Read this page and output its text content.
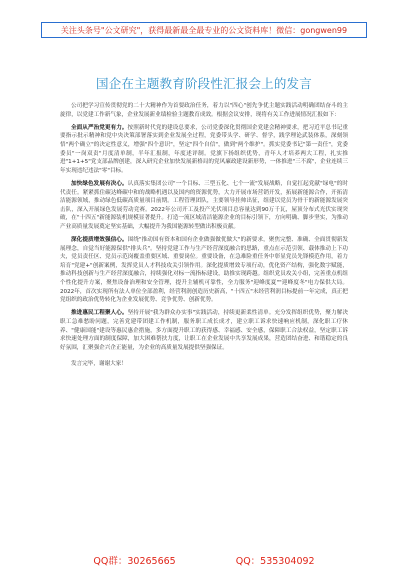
关注头条号"公文研究"，获得最新最全最专业的公文资料库！微信：gongwen99
国企在主题教育阶段性汇报会上的发言

公司把学习宣传贯彻党的二十大精神作为首要政治任务，着力以"四心"创先争优主题实践活动明确团结奋斗的主旋律，以党建工作新气象，企业发展新业绩检验主题教育成效。根据会议安排，现将有关工作进展情况汇报如下：

全面从严治党更有力。按照新时代党的建设总要求，公司党委深化贯彻国企党建会精神要求，把习近平总书记重要指示批示精神和党中央决策部署落实到企业发展全过程，党委带头学、研学、督学，践学理论武装体系，深刻领悟"两个确立"的决定性意义，增强"四个意识"，坚定"四个自信"，做到"两个维护"。抓实党委书记"第一责任"，党委委员"一岗双责"月度清单制，半年汇报制，年度述评制。党旗下扬组织优势，青年人才培养两大工程，扎实推进"1+1+5"党支部品牌创建，深入研究企业加快发展新格局的党风廉政建设新形势，一体推进"三不腐"，企业连续三年实现违纪违法"零"目标。

加快绿色发展有决心。认真落实集团公司"一个目标、三型五化、七个一流"发展战略，自觉扛起党献"绿电"的时代责任。紧紧抓住碳达峰碳中和的战略机遇以及国内的资源优势，大力开展市场营销开发，拓展新能源合作，开拓清洁能源领域，推动绿色低碳高质量项目前期。工程管理团队，主要领导挂帅出征，组建以党员为骨干的新能源发展突击队，深入开展绿色发展劳动竞赛。2022年公司开工及投产光伏项目总容量达到90万千瓦，屋顶分布式光伏实现突破，在"十四五"新能源装机规模显著提升。打造一流区域清洁能源企业的目标引领下，方向明确、脚步坚实，为推动产业高质量发展奠定坚实基础，大幅提升为我国能源转型做出积极贡献。

深化提质增效强信心。围绕"推动国有资本和国有企业做强做优做大"的新要求，聚焦完整、准确、全面贯彻新发展理念，自觉当好能源保供"排头兵"。坚持党建工作与生产经营深度融合的思路，重点在示范引领、载体推动上下功夫，党员责任区、党员示范岗覆盖重要区域、重要岗位。重要设备，在急难险重任务中彰显党员先锋模范作用，着力培育"党建+"创新案例，发挥党员人才科技攻关引领作用。深化提质增效专项行动，优化资产结构，强化数字赋能，推动科技创新与生产经营深度融合，持续强化对标一流指标建设，助推实现跨越。组织党员攻关小组，完善重点机组个性化提升方案，聚焦设备治理和安全管理，提升主辅机可靠性，全力服务"迎峰度夏""迎峰度冬"电力保供大局。2022年，首次实现所有法人单位全部盈利，经营利润创造历史新高，"十四五"末经营利润目标提前一年完成，真正把党组织的政治优势转化为企业发展优势、竞争优势、创新优势。

推进惠民工程聚人心。坚持开展"我为群众办实事"实践活动，持续更新柔性清单。充分发挥组织优势，聚力解决职工急难愁盼问题，完善党建带团建工作机制，服务职工成长成才，建立职工诉求快速响应机制，深化职工疗休养、"健康国能"建设等惠民惠企措施，多方面提升职工的获得感、幸福感、安全感，保障职工合法权益，坚定职工诉求快速处理方面的制度保障，加大困难帮扶力度，让职工在企业发展中共享发展成果，营造团结奋进、和谐稳定的良好氛围，汇聚强企兴企正能量，为企业的高质量发展提供坚强保证。

发言完毕，谢谢大家！

QQ群：30265665	QQ：535304092
